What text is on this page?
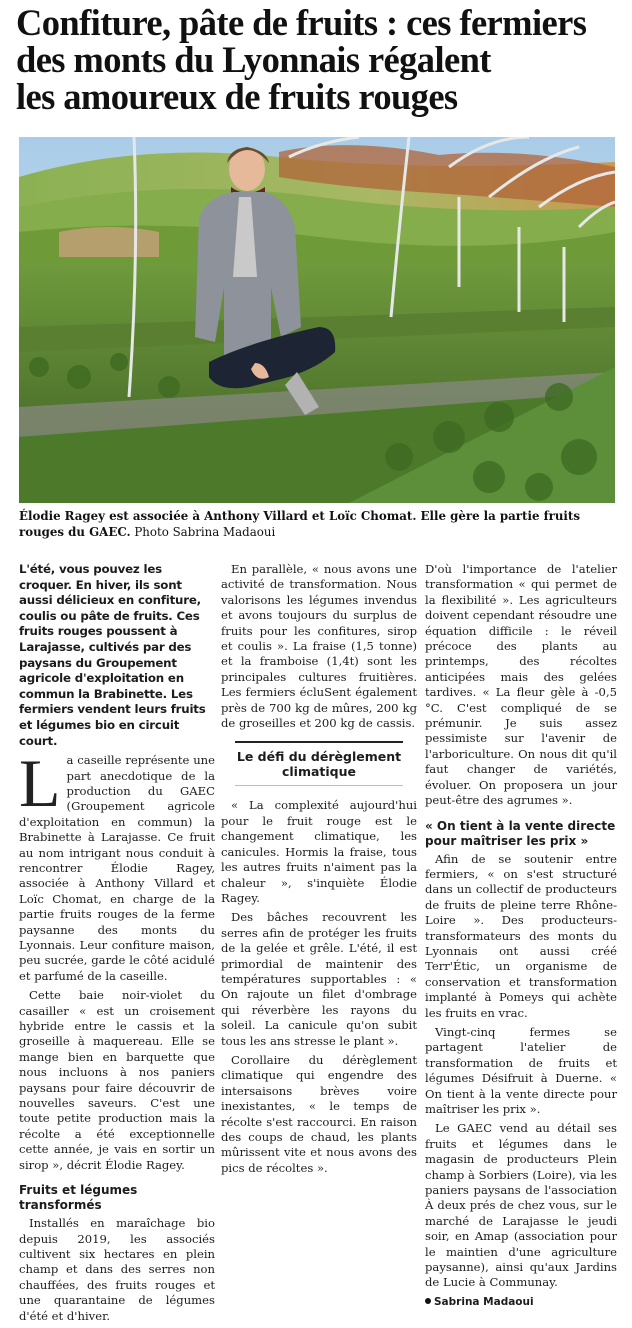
Confiture, pâte de fruits : ces fermiers
des monts du Lyonnais régalent
les amoureux de fruits rouges

Élodie Ragey est associée à Anthony Villard et Loïc Chomat. Elle gère la partie fruits rouges du GAEC. Photo Sabrina Madaoui

L'été, vous pouvez les croquer. En hiver, ils sont aussi délicieux en confiture, coulis ou pâte de fruits. Ces fruits rouges poussent à Larajasse, cultivés par des paysans du Groupement agricole d'exploitation en commun la Brabinette. Les fermiers vendent leurs fruits et légumes bio en circuit court.

La caseille représente une part anecdotique de la production du GAEC (Groupement agricole d'exploitation en commun) la Brabinette à Larajasse. Ce fruit au nom intrigant nous conduit à rencontrer Élodie Ragey, associée à Anthony Villard et Loïc Chomat, en charge de la partie fruits rouges de la ferme paysanne des monts du Lyonnais. Leur confiture maison, peu sucrée, garde le côté acidulé et parfumé de la caseille.

Cette baie noir-violet du casailler « est un croisement hybride entre le cassis et la groseille à maquereau. Elle se mange bien en barquette que nous incluons à nos paniers paysans pour faire découvrir de nouvelles saveurs. C'est une toute petite production mais la récolte a été exceptionnelle cette année, je vais en sortir un sirop », décrit Élodie Ragey.

Fruits et légumes transformés

Installés en maraîchage bio depuis 2019, les associés cultivent six hectares en plein champ et dans des serres non chauffées, des fruits rouges et une quarantaine de légumes d'été et d'hiver.

En parallèle, « nous avons une activité de transformation. Nous valorisons les légumes invendus et avons toujours du surplus de fruits pour les confitures, sirop et coulis ». La fraise (1,5 tonne) et la framboise (1,4t) sont les principales cultures fruitières. Les fermiers écluSent également près de 700 kg de mûres, 200 kg de groseilles et 200 kg de cassis.

Le défi du dérèglement climatique

« La complexité aujourd'hui pour le fruit rouge est le changement climatique, les canicules. Hormis la fraise, tous les autres fruits n'aiment pas la chaleur », s'inquiète Élodie Ragey.

Des bâches recouvrent les serres afin de protéger les fruits de la gelée et grêle. L'été, il est primordial de maintenir des températures supportables : « On rajoute un filet d'ombrage qui réverbère les rayons du soleil. La canicule qu'on subit tous les ans stresse le plant ».

Corollaire du dérèglement climatique qui engendre des intersaisons brèves voire inexistantes, « le temps de récolte s'est raccourci. En raison des coups de chaud, les plants mûrissent vite et nous avons des pics de récoltes ».

D'où l'importance de l'atelier transformation « qui permet de la flexibilité ». Les agriculteurs doivent cependant résoudre une équation difficile : le réveil précoce des plants au printemps, des récoltes anticipées mais des gelées tardives. « La fleur gèle à -0,5 °C. C'est compliqué de se prémunir. Je suis assez pessimiste sur l'avenir de l'arboriculture. On nous dit qu'il faut changer de variétés, évoluer. On proposera un jour peut-être des agrumes ».

« On tient à la vente directe pour maîtriser les prix »

Afin de se soutenir entre fermiers, « on s'est structuré dans un collectif de producteurs de fruits de pleine terre Rhône-Loire ». Des producteurs-transformateurs des monts du Lyonnais ont aussi créé Terr'Étic, un organisme de conservation et transformation implanté à Pomeys qui achète les fruits en vrac.

Vingt-cinq fermes se partagent l'atelier de transformation de fruits et légumes Désifruit à Duerne. « On tient à la vente directe pour maîtriser les prix ».

Le GAEC vend au détail ses fruits et légumes dans le magasin de producteurs Plein champ à Sorbiers (Loire), via les paniers paysans de l'association À deux prés de chez vous, sur le marché de Larajasse le jeudi soir, en Amap (association pour le maintien d'une agriculture paysanne), ainsi qu'aux Jardins de Lucie à Communay.

Sabrina Madaoui
